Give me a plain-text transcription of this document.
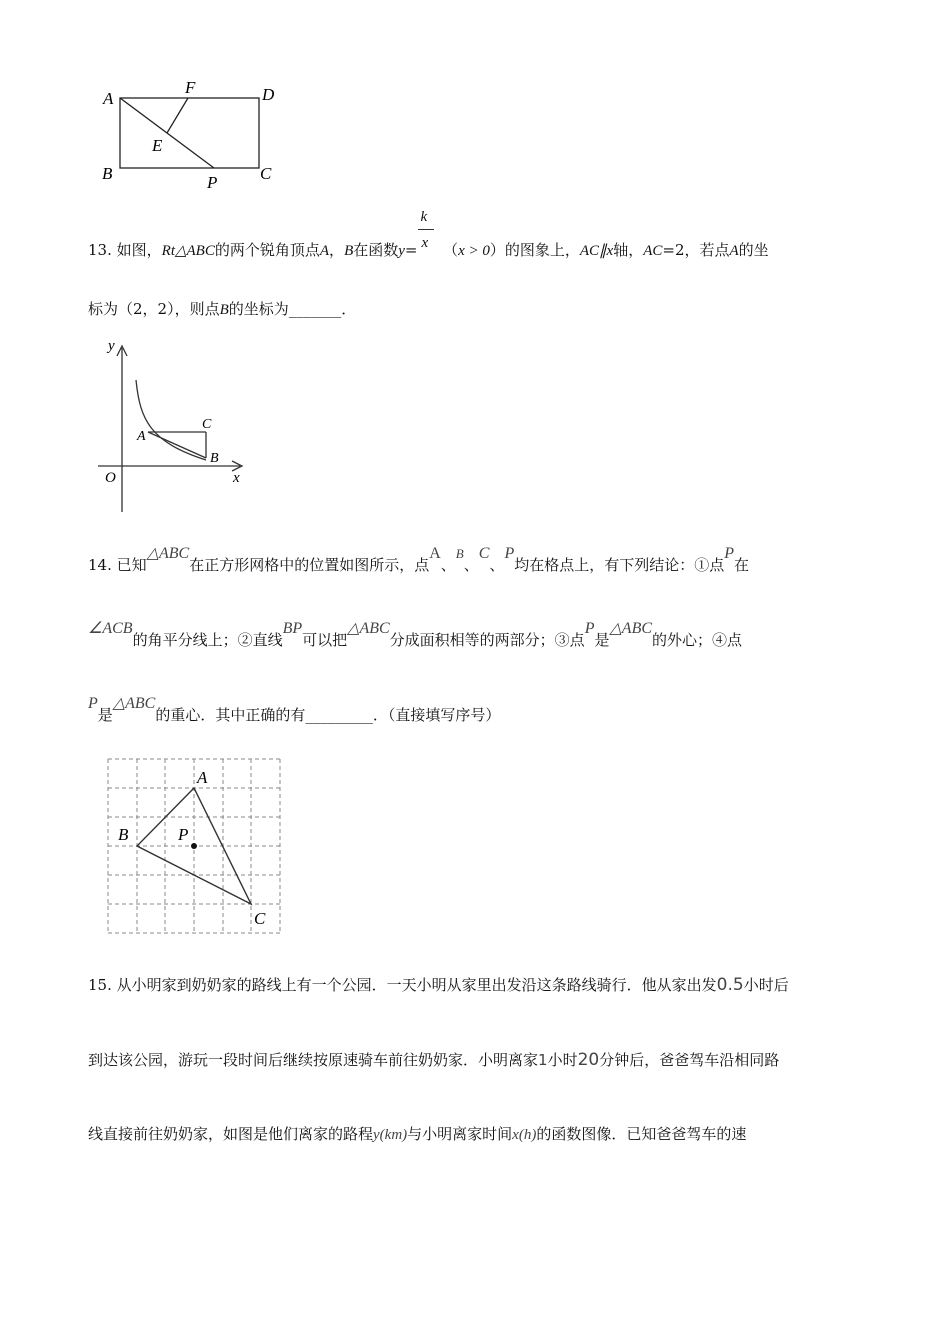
A
F	D
E
B	P	C
13. 如图，Rt△ABC的两个锐角顶点A，B在函数$y= \frac{k}{x} (x > 0)$的图象上，AC∥x轴，AC=2，若点A的坐
标为（2，2），则点B的坐标为_______．
y
x
O
A
C
B
14. 已知△ABC在正方形网格中的位置如图所示，点A、B、C、P均在格点上，有下列结论：①点P在
∠ACB的角平分线上；②直线BP可以把△ABC分成面积相等的两部分；③点P是△ABC的外心；④点
P是△ABC的重心．其中正确的有_________．（直接填写序号）
A
B	P
C
15. 从小明家到奶奶家的路线上有一个公园．一天小明从家里出发沿这条路线骑行．他从家出发0.5小时后
到达该公园，游玩一段时间后继续按原速骑车前往奶奶家．小明离家1小时20分钟后，爸爸驾车沿相同路
线直接前往奶奶家，如图是他们离家的路程y(km)与小明离家时间x(h)的函数图像．已知爸爸驾车的速
